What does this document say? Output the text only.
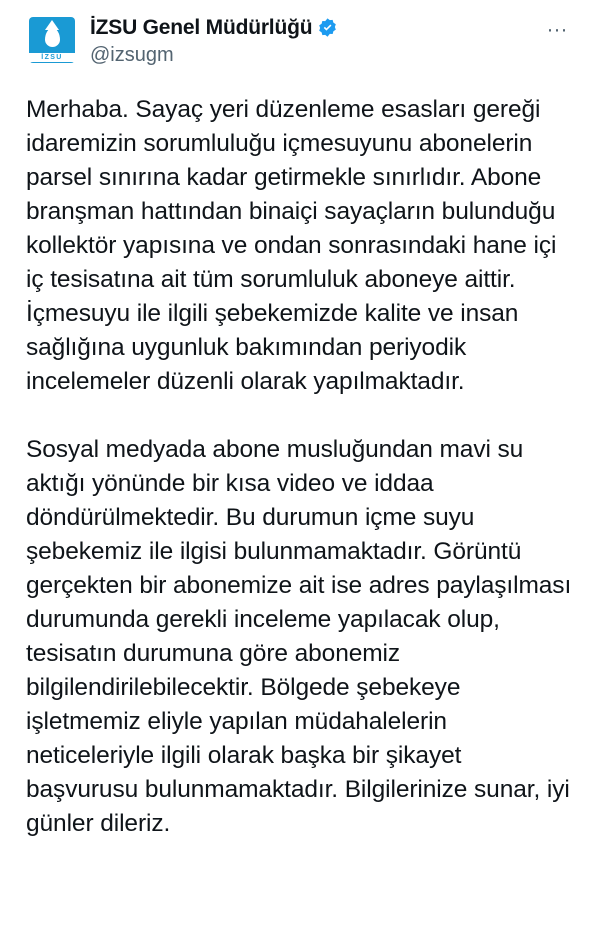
İZSU
İZSU Genel Müdürlüğü
@izsugm
···

Merhaba. Sayaç yeri düzenleme esasları gereği idaremizin sorumluluğu içmesuyunu abonelerin parsel sınırına kadar getirmekle sınırlıdır. Abone branşman hattından binaiçi sayaçların bulunduğu kollektör yapısına ve ondan sonrasındaki hane içi iç tesisatına ait tüm sorumluluk aboneye aittir. İçmesuyu ile ilgili şebekemizde kalite ve insan sağlığına uygunluk bakımından periyodik incelemeler düzenli olarak yapılmaktadır.

Sosyal medyada abone musluğundan mavi su aktığı yönünde bir kısa video ve iddaa döndürülmektedir. Bu durumun içme suyu şebekemiz ile ilgisi bulunmamaktadır. Görüntü gerçekten bir abonemize ait ise adres paylaşılması durumunda gerekli inceleme yapılacak olup, tesisatın durumuna göre abonemiz bilgilendirilebilecektir. Bölgede şebekeye işletmemiz eliyle yapılan müdahalelerin neticeleriyle ilgili olarak başka bir şikayet başvurusu bulunmamaktadır. Bilgilerinize sunar, iyi günler dileriz.
